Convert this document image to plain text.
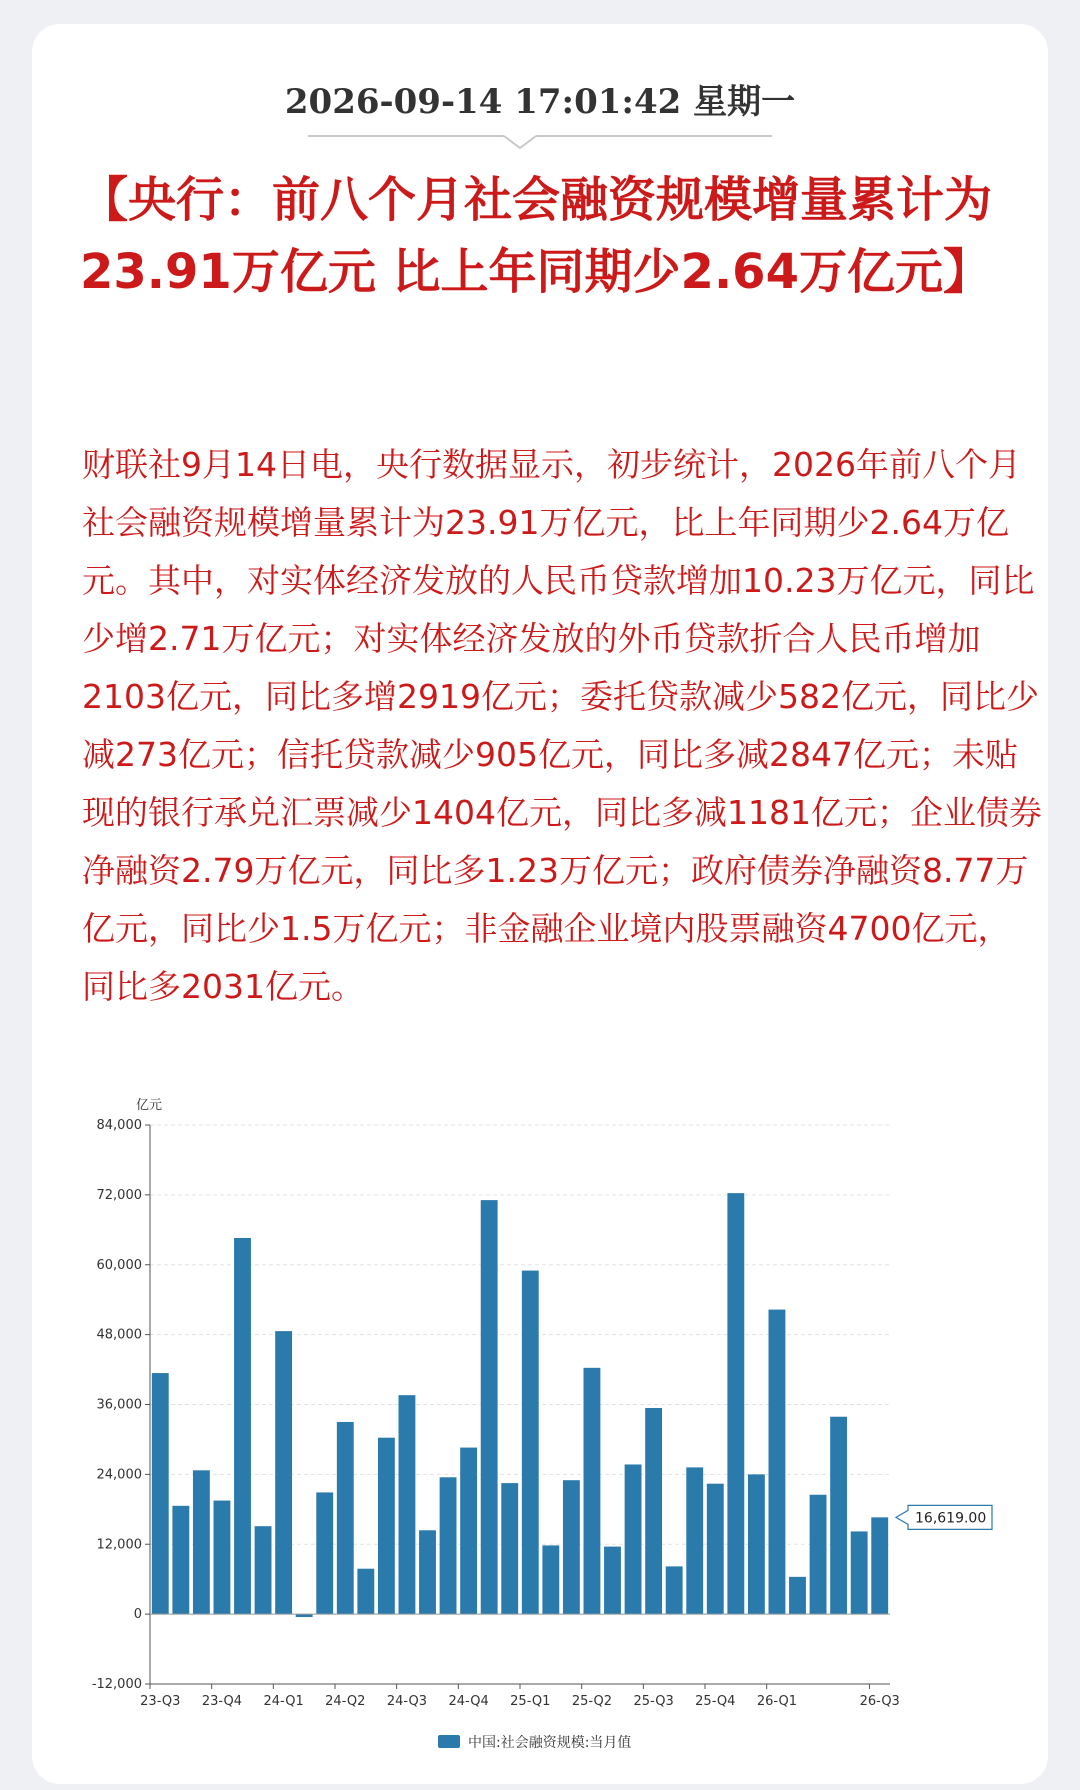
2026-09-14 17:01:42 星期一
【央行：前八个月社会融资规模增量累计为23.91万亿元 比上年同期少2.64万亿元】

财联社9月14日电，央行数据显示，初步统计，2026年前八个月社会融资规模增量累计为23.91万亿元，比上年同期少2.64万亿元。其中，对实体经济发放的人民币贷款增加10.23万亿元，同比少增2.71万亿元；对实体经济发放的外币贷款折合人民币增加2103亿元，同比多增2919亿元；委托贷款减少582亿元，同比少减273亿元；信托贷款减少905亿元，同比多减2847亿元；未贴现的银行承兑汇票减少1404亿元，同比多减1181亿元；企业债券净融资2.79万亿元，同比多1.23万亿元；政府债券净融资8.77万亿元，同比少1.5万亿元；非金融企业境内股票融资4700亿元，同比多2031亿元。

亿元
-12,000
0
12,000
24,000
36,000
48,000
60,000
72,000
84,000
23-Q3 23-Q4 24-Q1 24-Q2 24-Q3 24-Q4 25-Q1 25-Q2 25-Q3 25-Q4 26-Q1	26-Q3
16,619.00
中国:社会融资规模:当月值
